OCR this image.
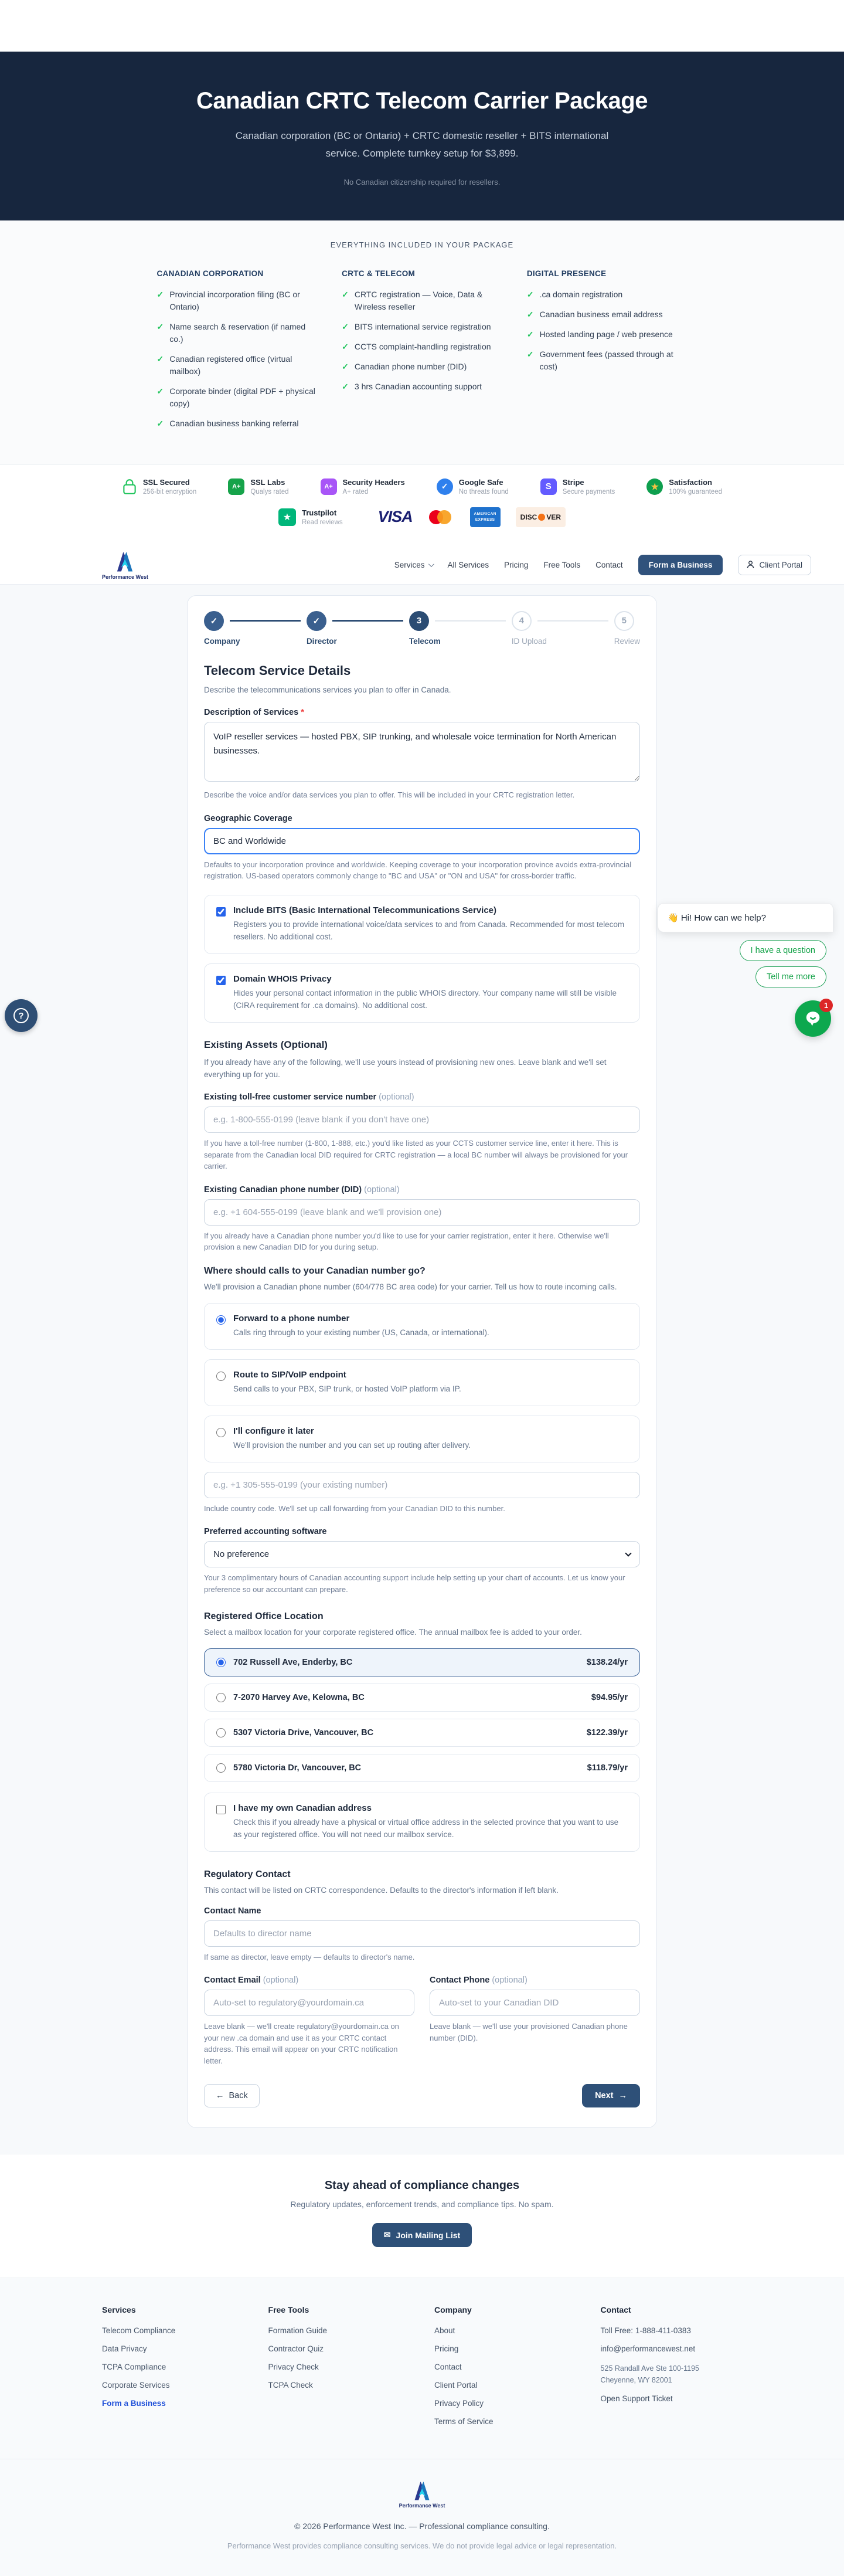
Canadian CRTC Telecom Carrier Package
Canadian corporation (BC or Ontario) + CRTC domestic reseller + BITS international service. Complete turnkey setup for $3,899.
No Canadian citizenship required for resellers.
EVERYTHING INCLUDED IN YOUR PACKAGE
CANADIAN CORPORATION
✓ Provincial incorporation filing (BC or Ontario)
✓ Name search & reservation (if named co.)
✓ Canadian registered office (virtual mailbox)
✓ Corporate binder (digital PDF + physical copy)
✓ Canadian business banking referral
CRTC & TELECOM
✓ CRTC registration — Voice, Data & Wireless reseller
✓ BITS international service registration
✓ CCTS complaint-handling registration
✓ Canadian phone number (DID)
✓ 3 hrs Canadian accounting support
DIGITAL PRESENCE
✓ .ca domain registration
✓ Canadian business email address
✓ Hosted landing page / web presence
✓ Government fees (passed through at cost)
SSL Secured
256-bit encryption
A+	SSL Labs
Qualys rated
A+	Security Headers
A+ rated
✓	Google Safe
No threats found
S	Stripe
Secure payments	★	Satisfaction
100% guaranteed
★	Trustpilot
Read reviews VISA	AMERICAN
EXPRESS	DISC VER
Performance West
Services	All Services Pricing Free Tools Contact	Form a Business	Client Portal
✓
Company
✓
Director
3
Telecom
4
ID Upload
5
Review
Telecom Service Details
Describe the telecommunications services you plan to offer in Canada.
Description of Services *
VoIP reseller services — hosted PBX, SIP trunking, and wholesale voice termination for North American businesses.
Describe the voice and/or data services you plan to offer. This will be included in your CRTC registration letter.
Geographic Coverage
BC and Worldwide
Defaults to your incorporation province and worldwide. Keeping coverage to your incorporation province avoids extra-provincial registration. US-based operators commonly change to "BC and USA" or "ON and USA" for cross-border traffic.
Include BITS (Basic International Telecommunications Service)
Registers you to provide international voice/data services to and from Canada. Recommended for most telecom resellers. No additional cost.
Domain WHOIS Privacy
Hides your personal contact information in the public WHOIS directory. Your company name will still be visible (CIRA requirement for .ca domains). No additional cost.
Existing Assets (Optional)
If you already have any of the following, we'll use yours instead of provisioning new ones. Leave blank and we'll set everything up for you.
Existing toll-free customer service number (optional)
e.g. 1-800-555-0199 (leave blank if you don't have one)
If you have a toll-free number (1-800, 1-888, etc.) you'd like listed as your CCTS customer service line, enter it here. This is separate from the Canadian local DID required for CRTC registration — a local BC number will always be provisioned for your carrier.
Existing Canadian phone number (DID) (optional)
e.g. +1 604-555-0199 (leave blank and we'll provision one)
If you already have a Canadian phone number you'd like to use for your carrier registration, enter it here. Otherwise we'll provision a new Canadian DID for you during setup.
Where should calls to your Canadian number go?
We'll provision a Canadian phone number (604/778 BC area code) for your carrier. Tell us how to route incoming calls.
Forward to a phone number
Calls ring through to your existing number (US, Canada, or international).
Route to SIP/VoIP endpoint
Send calls to your PBX, SIP trunk, or hosted VoIP platform via IP.
I'll configure it later
We'll provision the number and you can set up routing after delivery.
e.g. +1 305-555-0199 (your existing number)
Include country code. We'll set up call forwarding from your Canadian DID to this number.
Preferred accounting software
No preference
Your 3 complimentary hours of Canadian accounting support include help setting up your chart of accounts. Let us know your preference so our accountant can prepare.
Registered Office Location
Select a mailbox location for your corporate registered office. The annual mailbox fee is added to your order.
702 Russell Ave, Enderby, BC	$138.24/yr
7-2070 Harvey Ave, Kelowna, BC	$94.95/yr
5307 Victoria Drive, Vancouver, BC	$122.39/yr
5780 Victoria Dr, Vancouver, BC	$118.79/yr
I have my own Canadian address
Check this if you already have a physical or virtual office address in the selected province that you want to use as your registered office. You will not need our mailbox service.
Regulatory Contact
This contact will be listed on CRTC correspondence. Defaults to the director's information if left blank.
Contact Name
Defaults to director name
If same as director, leave empty — defaults to director's name.
Contact Email (optional)
Auto-set to regulatory@yourdomain.ca
Leave blank — we'll create regulatory@yourdomain.ca on your new .ca domain and use it as your CRTC contact address. This email will appear on your CRTC notification letter.
Contact Phone (optional)
Auto-set to your Canadian DID
Leave blank — we'll use your provisioned Canadian phone number (DID).
← Back	Next →
Stay ahead of compliance changes
Regulatory updates, enforcement trends, and compliance tips. No spam.
✉ Join Mailing List
Services
Telecom Compliance
Data Privacy
TCPA Compliance
Corporate Services
Form a Business
Free Tools
Formation Guide
Contractor Quiz
Privacy Check
TCPA Check
Company
About
Pricing
Contact
Client Portal
Privacy Policy
Terms of Service
Contact
Toll Free: 1-888-411-0383
info@performancewest.net
525 Randall Ave Ste 100-1195
Cheyenne, WY 82001
Open Support Ticket
Performance West
© 2026 Performance West Inc. — Professional compliance consulting.
Performance West provides compliance consulting services. We do not provide legal advice or legal representation.
?
👋 Hi! How can we help?
I have a question
Tell me more
1
